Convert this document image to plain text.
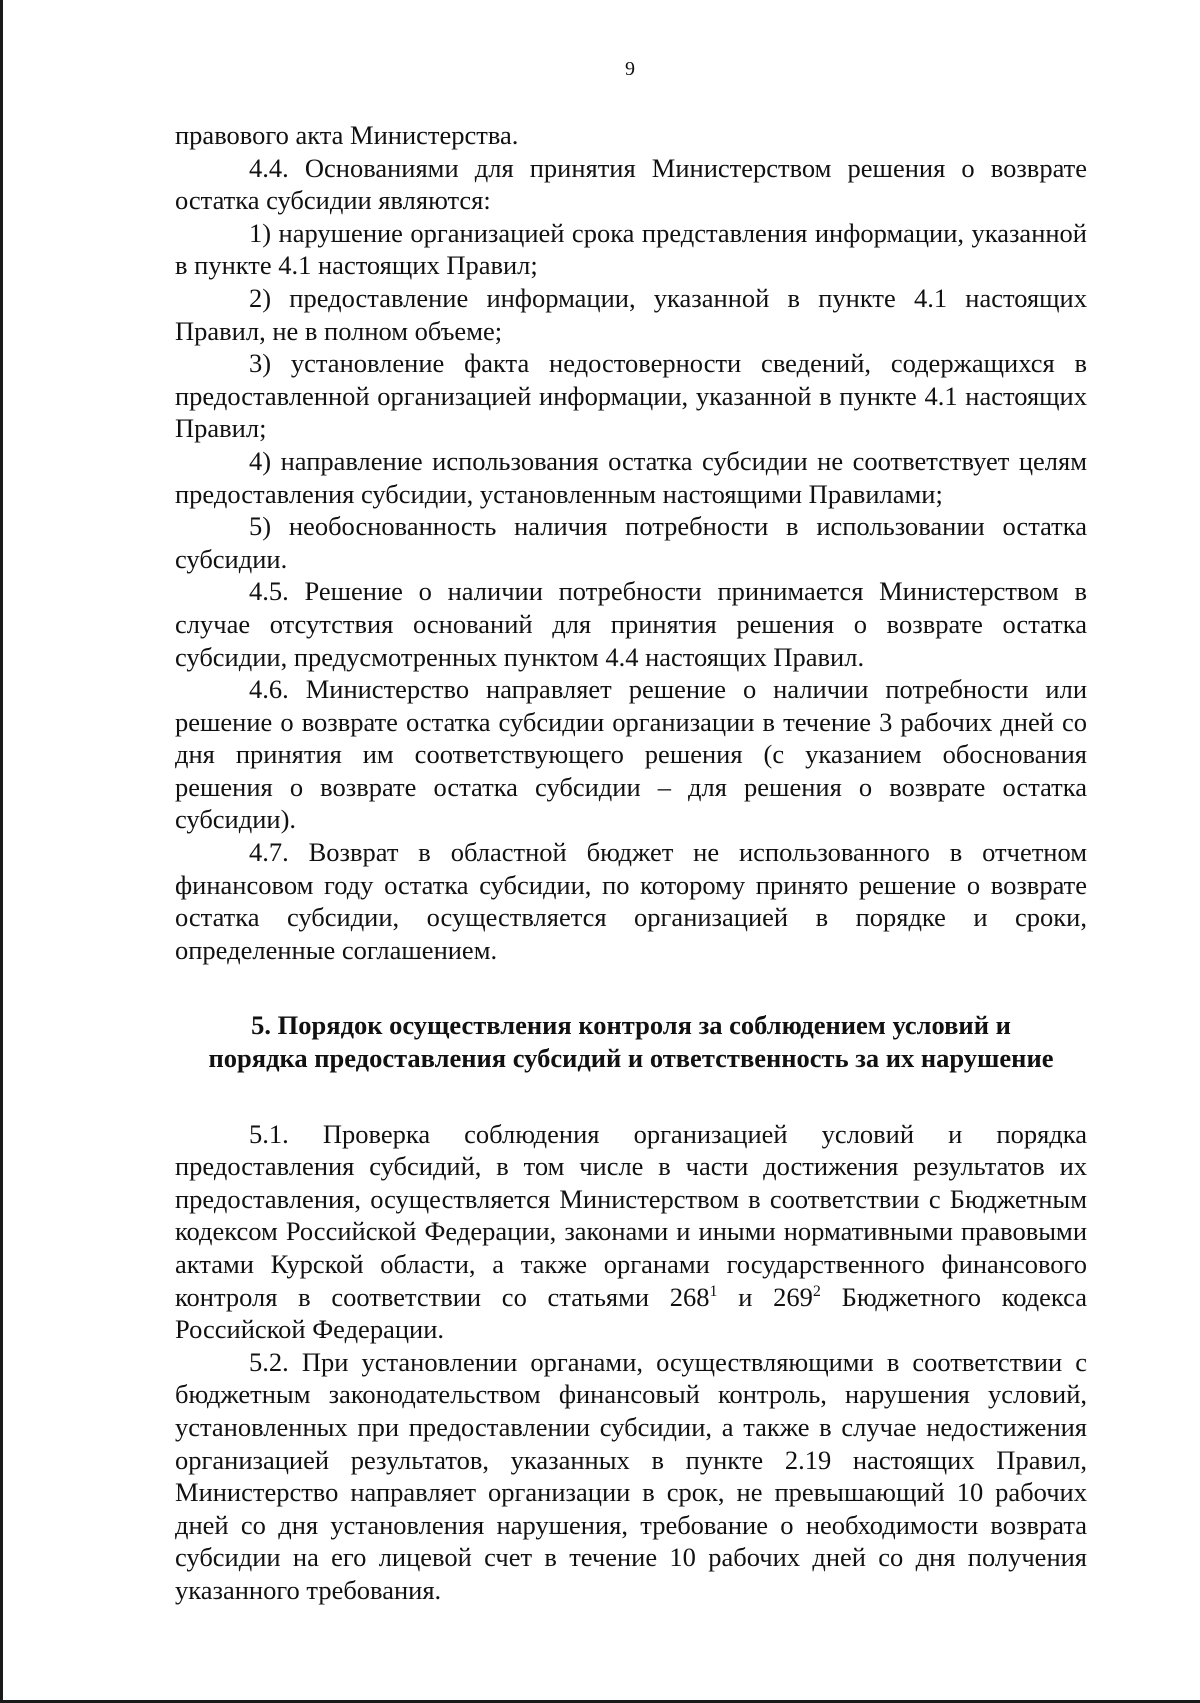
9

правового акта Министерства.

4.4. Основаниями для принятия Министерством решения о возврате остатка субсидии являются:

1) нарушение организацией срока представления информации, указанной в пункте 4.1 настоящих Правил;

2) предоставление информации, указанной в пункте 4.1 настоящих Правил, не в полном объеме;

3) установление факта недостоверности сведений, содержащихся в предоставленной организацией информации, указанной в пункте 4.1 настоящих Правил;

4) направление использования остатка субсидии не соответствует целям предоставления субсидии, установленным настоящими Правилами;

5) необоснованность наличия потребности в использовании остатка субсидии.

4.5. Решение о наличии потребности принимается Министерством в случае отсутствия оснований для принятия решения о возврате остатка субсидии, предусмотренных пунктом 4.4 настоящих Правил.

4.6. Министерство направляет решение о наличии потребности или решение о возврате остатка субсидии организации в течение 3 рабочих дней со дня принятия им соответствующего решения (с указанием обоснования решения о возврате остатка субсидии – для решения о возврате остатка субсидии).

4.7. Возврат в областной бюджет не использованного в отчетном финансовом году остатка субсидии, по которому принято решение о возврате остатка субсидии, осуществляется организацией в порядке и сроки, определенные соглашением.

5. Порядок осуществления контроля за соблюдением условий и
порядка предоставления субсидий и ответственность за их нарушение

5.1. Проверка соблюдения организацией условий и порядка предоставления субсидий, в том числе в части достижения результатов их предоставления, осуществляется Министерством в соответствии с Бюджетным кодексом Российской Федерации, законами и иными нормативными правовыми актами Курской области, а также органами государственного финансового контроля в соответствии со статьями $268^1$ и $269^2$ Бюджетного кодекса Российской Федерации.

5.2. При установлении органами, осуществляющими в соответствии с бюджетным законодательством финансовый контроль, нарушения условий, установленных при предоставлении субсидии, а также в случае недостижения организацией результатов, указанных в пункте 2.19 настоящих Правил, Министерство направляет организации в срок, не превышающий 10 рабочих дней со дня установления нарушения, требование о необходимости возврата субсидии на его лицевой счет в течение 10 рабочих дней со дня получения указанного требования.
